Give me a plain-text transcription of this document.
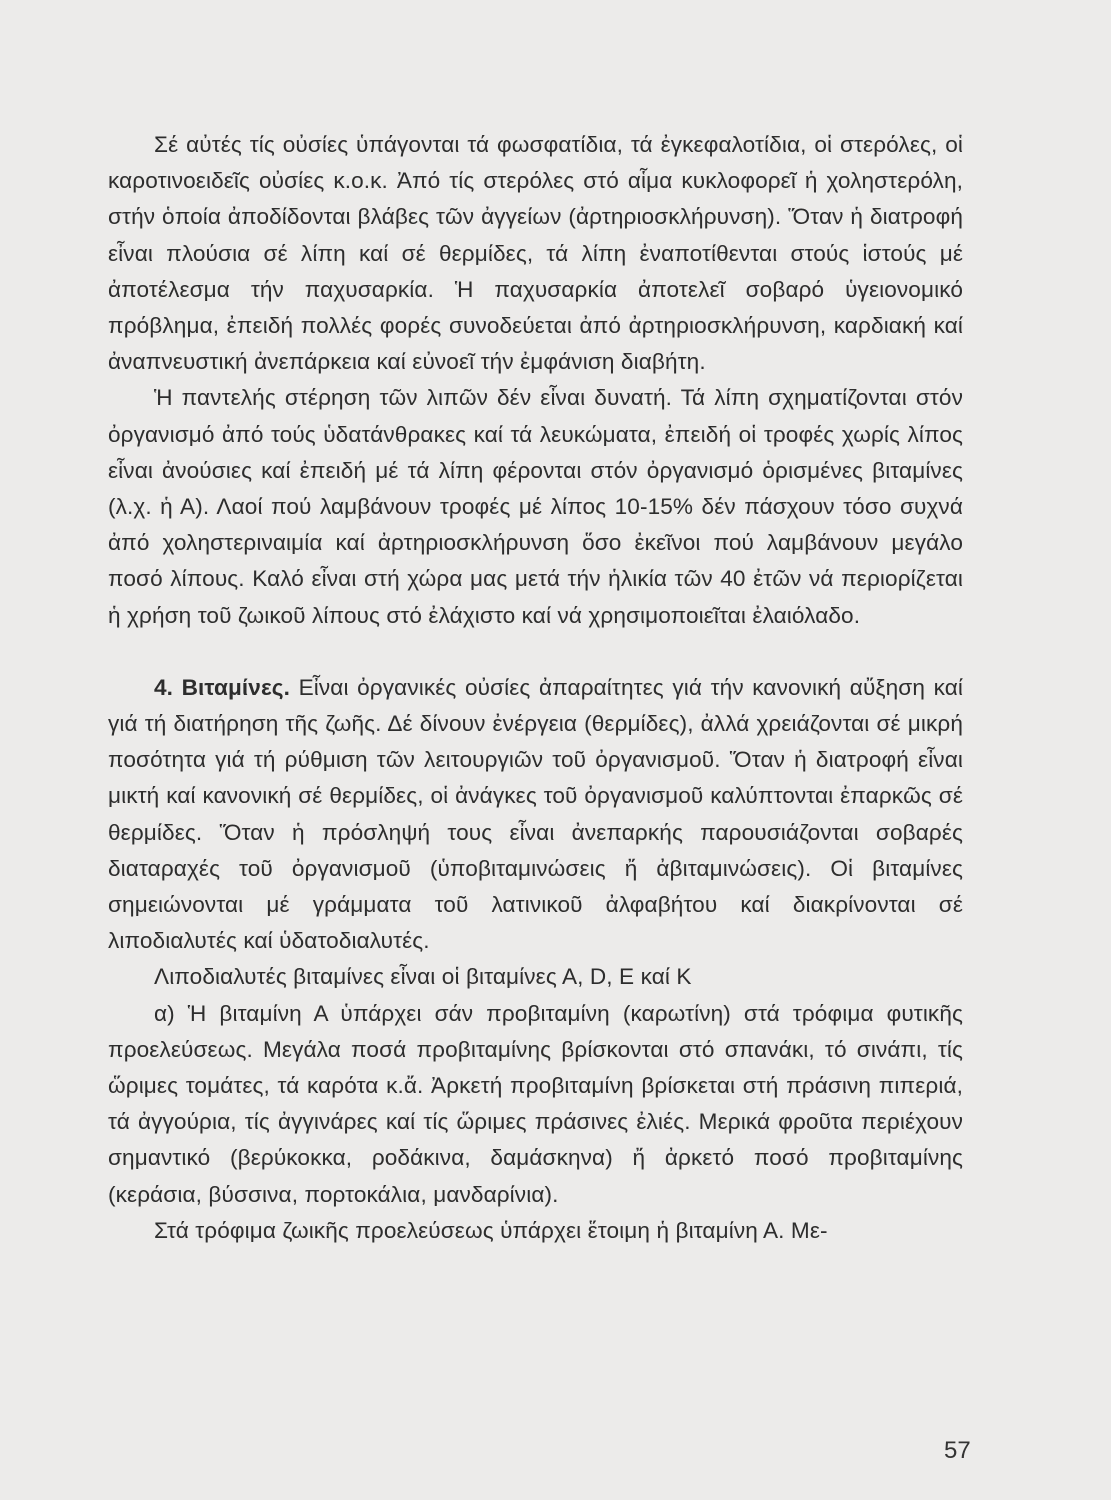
Σέ αὐτές τίς οὐσίες ὑπάγονται τά φωσφατίδια, τά ἐγκεφαλοτίδια, οἱ στερόλες, οἱ καροτινοειδεῖς οὐσίες κ.ο.κ. Ἀπό τίς στερόλες στό αἷμα κυκλοφορεῖ ἡ χοληστερόλη, στήν ὁποία ἀποδίδονται βλάβες τῶν ἀγγείων (ἀρτηριοσκλήρυνση). Ὅταν ἡ διατροφή εἶναι πλούσια σέ λίπη καί σέ θερμίδες, τά λίπη ἐναποτίθενται στούς ἱστούς μέ ἀποτέλεσμα τήν παχυσαρκία. Ἡ παχυσαρκία ἀποτελεῖ σοβαρό ὑγειονομικό πρόβλημα, ἐπειδή πολλές φορές συνοδεύεται ἀπό ἀρτηριοσκλήρυνση, καρδιακή καί ἀναπνευστική ἀνεπάρκεια καί εὐνοεῖ τήν ἐμφάνιση διαβήτη.

Ἡ παντελής στέρηση τῶν λιπῶν δέν εἶναι δυνατή. Τά λίπη σχηματίζονται στόν ὀργανισμό ἀπό τούς ὑδατάνθρακες καί τά λευκώματα, ἐπειδή οἱ τροφές χωρίς λίπος εἶναι ἀνούσιες καί ἐπειδή μέ τά λίπη φέρονται στόν ὀργανισμό ὁρισμένες βιταμίνες (λ.χ. ἡ Α). Λαοί πού λαμβάνουν τροφές μέ λίπος 10-15% δέν πάσχουν τόσο συχνά ἀπό χοληστεριναιμία καί ἀρτηριοσκλήρυνση ὅσο ἐκεῖνοι πού λαμβάνουν μεγάλο ποσό λίπους. Καλό εἶναι στή χώρα μας μετά τήν ἡλικία τῶν 40 ἐτῶν νά περιορίζεται ἡ χρήση τοῦ ζωικοῦ λίπους στό ἐλάχιστο καί νά χρησιμοποιεῖται ἐλαιόλαδο.

4. Βιταμίνες. Εἶναι ὀργανικές οὐσίες ἀπαραίτητες γιά τήν κανονική αὔξηση καί γιά τή διατήρηση τῆς ζωῆς. Δέ δίνουν ἐνέργεια (θερμίδες), ἀλλά χρειάζονται σέ μικρή ποσότητα γιά τή ρύθμιση τῶν λειτουργιῶν τοῦ ὀργανισμοῦ. Ὅταν ἡ διατροφή εἶναι μικτή καί κανονική σέ θερμίδες, οἱ ἀνάγκες τοῦ ὀργανισμοῦ καλύπτονται ἐπαρκῶς σέ θερμίδες. Ὅταν ἡ πρόσληψή τους εἶναι ἀνεπαρκής παρουσιάζονται σοβαρές διαταραχές τοῦ ὀργανισμοῦ (ὑποβιταμινώσεις ἤ ἀβιταμινώσεις). Οἱ βιταμίνες σημειώνονται μέ γράμματα τοῦ λατινικοῦ ἀλφαβήτου καί διακρίνονται σέ λιποδιαλυτές καί ὑδατοδιαλυτές.

Λιποδιαλυτές βιταμίνες εἶναι οἱ βιταμίνες Α, D, Ε καί Κ

α) Ἡ βιταμίνη Α ὑπάρχει σάν προβιταμίνη (καρωτίνη) στά τρόφιμα φυτικῆς προελεύσεως. Μεγάλα ποσά προβιταμίνης βρίσκονται στό σπανάκι, τό σινάπι, τίς ὥριμες τομάτες, τά καρότα κ.ἄ. Ἀρκετή προβιταμίνη βρίσκεται στή πράσινη πιπεριά, τά ἀγγούρια, τίς ἀγγινάρες καί τίς ὥριμες πράσινες ἐλιές. Μερικά φροῦτα περιέχουν σημαντικό (βερύκοκκα, ροδάκινα, δαμάσκηνα) ἤ ἀρκετό ποσό προβιταμίνης (κεράσια, βύσσινα, πορτοκάλια, μανδαρίνια).

Στά τρόφιμα ζωικῆς προελεύσεως ὑπάρχει ἕτοιμη ἡ βιταμίνη Α. Με-

57
